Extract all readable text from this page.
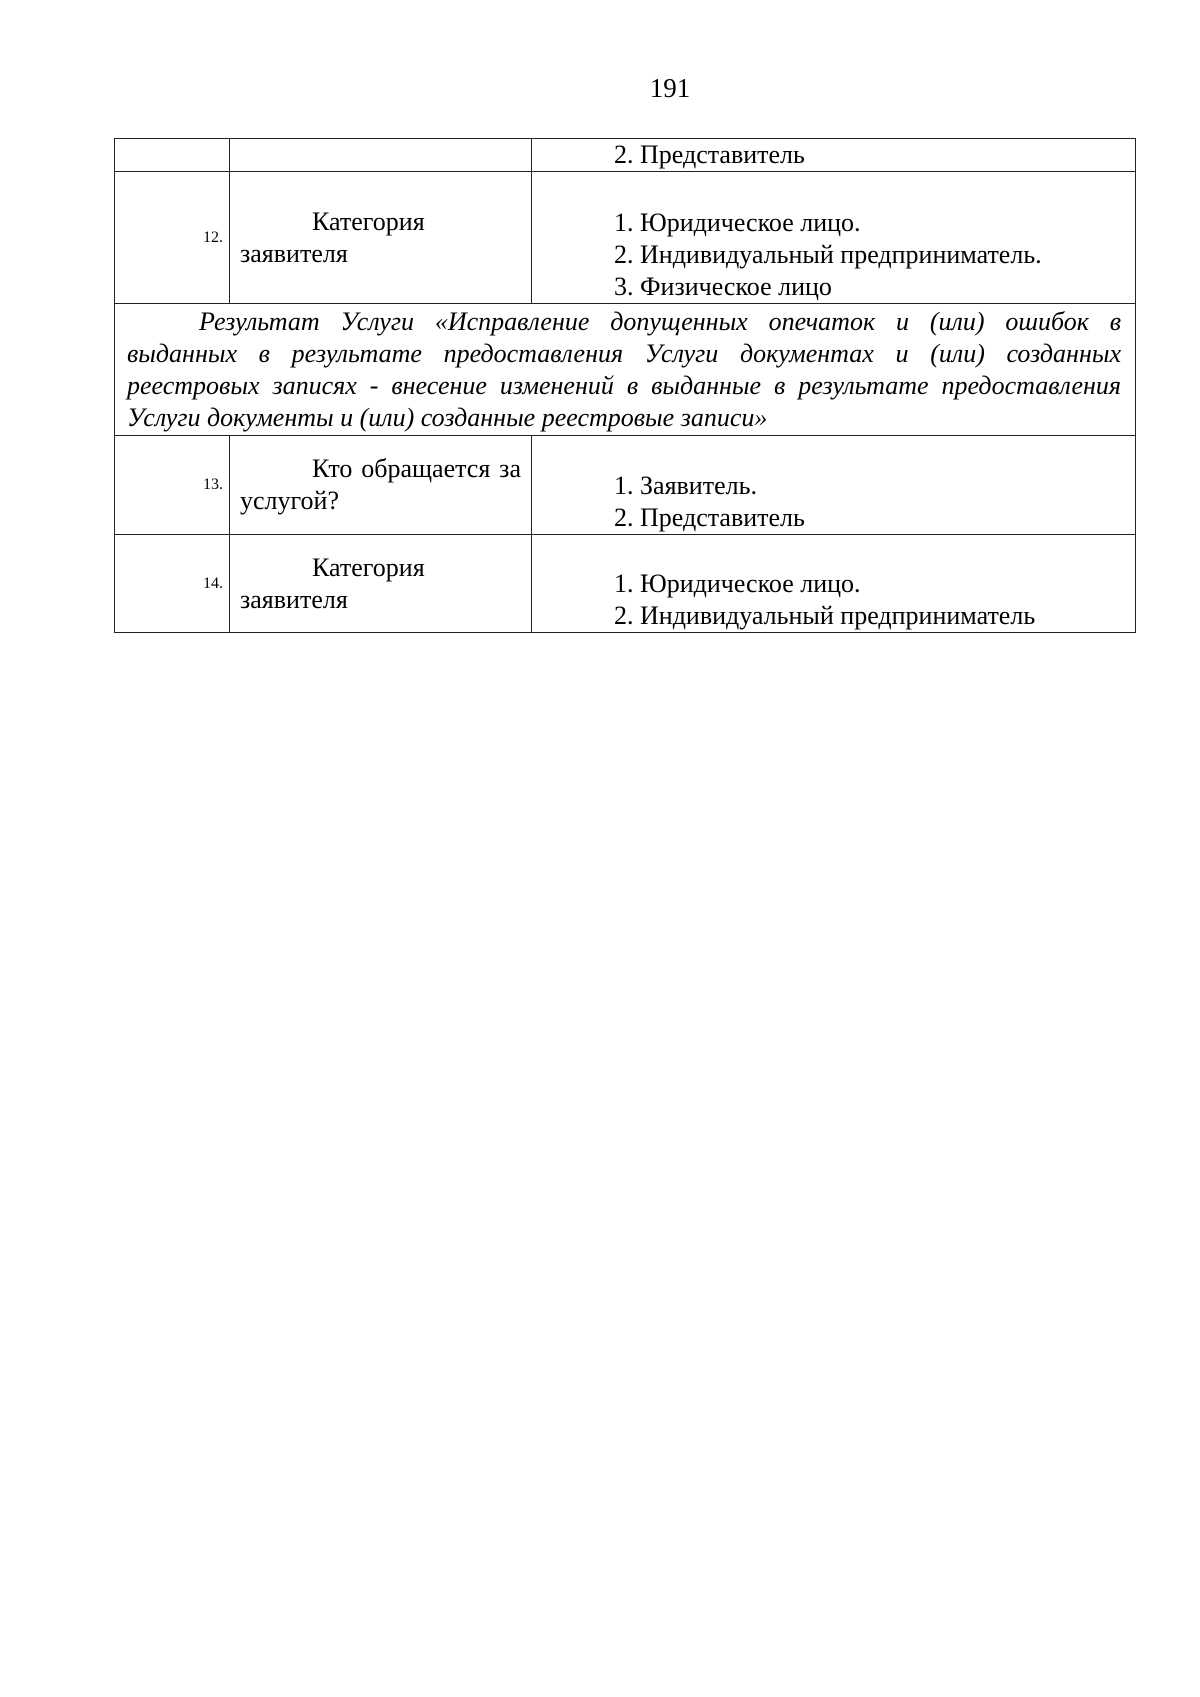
191

		2. Представитель

12.	Категория заявителя	1. Юридическое лицо.
2. Индивидуальный предприниматель.
3. Физическое лицо

Результат Услуги «Исправление допущенных опечаток и (или) ошибок в выданных в результате предоставления Услуги документах и (или) созданных реестровых записях - внесение изменений в выданные в результате предоставления Услуги документы и (или) созданные реестровые записи»		

13.	Кто обращается за услугой?	1. Заявитель.
2. Представитель

14.	Категория заявителя	1. Юридическое лицо.
2. Индивидуальный предприниматель
